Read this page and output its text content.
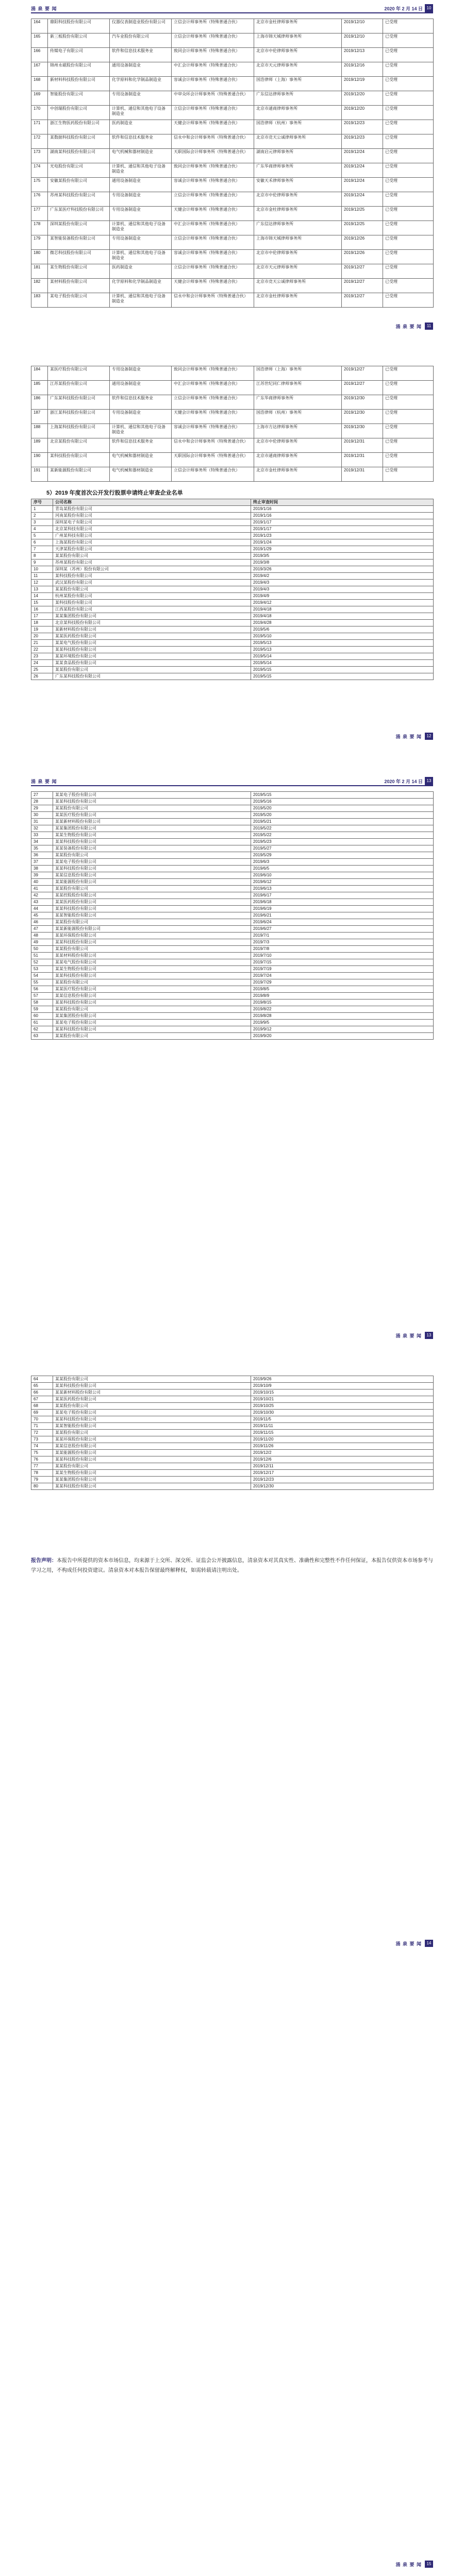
涌 泉 要 闻	2020 年 2 月 14 日 10
164	鼎阳科技股份有限公司	仪器仪表制造业股份有限公司	立信会计师事务所（特殊普通合伙）	北京市金杜律师事务所	2019/12/10	已受理
165	新三板股份有限公司	汽车业股份有限公司	立信会计师事务所（特殊普通合伙）	上海市锦天城律师事务所	2019/12/10	已受理
166	传媒电子有限公司	软件和信息技术服务业	致同会计师事务所（特殊普通合伙）	北京市中伦律师事务所	2019/12/13	已受理
167	锦州永磁股份有限公司	通用设备制造业	中汇会计师事务所（特殊普通合伙）	北京市天元律师事务所	2019/12/16	已受理
168	新材料科技股份有限公司	化学原料和化学制品制造业	容诚会计师事务所（特殊普通合伙）	国浩律师（上海）事务所	2019/12/19	已受理
169	智能股份有限公司	专用设备制造业	中审众环会计师事务所（特殊普通合伙）	广东信达律师事务所	2019/12/20	已受理
170	中创瑞股份有限公司	计算机、通信和其他电子设备制造业	立信会计师事务所（特殊普通合伙）	北京市通商律师事务所	2019/12/20	已受理
171	浙江生物医药股份有限公司	医药制造业	天健会计师事务所（特殊普通合伙）	国浩律师（杭州）事务所	2019/12/23	已受理
172	某数据科技股份有限公司	软件和信息技术服务业	信永中和会计师事务所（特殊普通合伙）	北京市竞天公诚律师事务所	2019/12/23	已受理
173	湖南某科技股份有限公司	电气机械和器材制造业	天职国际会计师事务所（特殊普通合伙）	湖南启元律师事务所	2019/12/24	已受理
174	光电股份有限公司	计算机、通信和其他电子设备制造业	致同会计师事务所（特殊普通合伙）	广东华商律师事务所	2019/12/24	已受理
175	安徽某股份有限公司	通用设备制造业	容诚会计师事务所（特殊普通合伙）	安徽天禾律师事务所	2019/12/24	已受理
176	苏州某科技股份有限公司	专用设备制造业	立信会计师事务所（特殊普通合伙）	北京市中伦律师事务所	2019/12/24	已受理
177	广东某医疗科技股份有限公司	专用设备制造业	天健会计师事务所（特殊普通合伙）	北京市金杜律师事务所	2019/12/25	已受理
178	深圳某股份有限公司	计算机、通信和其他电子设备制造业	中汇会计师事务所（特殊普通合伙）	广东信达律师事务所	2019/12/25	已受理
179	某智能装备股份有限公司	专用设备制造业	立信会计师事务所（特殊普通合伙）	上海市锦天城律师事务所	2019/12/26	已受理
180	微芯科技股份有限公司	计算机、通信和其他电子设备制造业	容诚会计师事务所（特殊普通合伙）	北京市中伦律师事务所	2019/12/26	已受理
181	某生物股份有限公司	医药制造业	立信会计师事务所（特殊普通合伙）	北京市天元律师事务所	2019/12/27	已受理
182	某材料股份有限公司	化学原料和化学制品制造业	天健会计师事务所（特殊普通合伙）	北京市竞天公诚律师事务所	2019/12/27	已受理
183	某电子股份有限公司	计算机、通信和其他电子设备制造业	信永中和会计师事务所（特殊普通合伙）	北京市金杜律师事务所	2019/12/27	已受理
涌 泉 要 闻	11
184	某医疗股份有限公司	专用设备制造业	致同会计师事务所（特殊普通合伙）	国浩律师（上海）事务所	2019/12/27	已受理
185	江苏某股份有限公司	通用设备制造业	中汇会计师事务所（特殊普通合伙）	江苏世纪同仁律师事务所	2019/12/27	已受理
186	广东某科技股份有限公司	软件和信息技术服务业	立信会计师事务所（特殊普通合伙）	广东华商律师事务所	2019/12/30	已受理
187	浙江某科技股份有限公司	专用设备制造业	天健会计师事务所（特殊普通合伙）	国浩律师（杭州）事务所	2019/12/30	已受理
188	上海某科技股份有限公司	计算机、通信和其他电子设备制造业	容诚会计师事务所（特殊普通合伙）	上海市方达律师事务所	2019/12/30	已受理
189	北京某股份有限公司	软件和信息技术服务业	信永中和会计师事务所（特殊普通合伙）	北京市中伦律师事务所	2019/12/31	已受理
190	某科技股份有限公司	电气机械和器材制造业	天职国际会计师事务所（特殊普通合伙）	北京市通商律师事务所	2019/12/31	已受理
191	某新能源股份有限公司	电气机械和器材制造业	立信会计师事务所（特殊普通合伙）	北京市金杜律师事务所	2019/12/31	已受理
5）2019 年度首次公开发行股票申请终止审查企业名单
序号	公司名称	终止审查时间
1	青岛某股份有限公司	2019/1/16
2	河南某股份有限公司	2019/1/16
3	深圳某电子有限公司	2019/1/17
4	北京某科技有限公司	2019/1/17
5	广州某科技有限公司	2019/1/23
6	上海某股份有限公司	2019/1/24
7	天津某股份有限公司	2019/1/29
8	某某股份有限公司	2019/3/5
9	苏州某股份有限公司	2019/3/8
10	深圳某（苏州）股份有限公司	2019/3/26
11	某科技股份有限公司	2019/4/2
12	武汉某股份有限公司	2019/4/3
13	某某股份有限公司	2019/4/3
14	杭州某股份有限公司	2019/4/9
15	某科技股份有限公司	2019/4/12
16	江西某股份有限公司	2019/4/18
17	某某集团股份有限公司	2019/4/18
18	北京某科技股份有限公司	2019/4/28
19	某新材料股份有限公司	2019/5/6
20	某某医药股份有限公司	2019/5/10
21	某某电气股份有限公司	2019/5/13
22	某某科技股份有限公司	2019/5/13
23	某某环境股份有限公司	2019/5/14
24	某某食品股份有限公司	2019/5/14
25	某某股份有限公司	2019/5/15
26	广东某科技股份有限公司	2019/5/15
涌 泉 要 闻	12
涌 泉 要 闻	2020 年 2 月 14 日 13
27	某某电子股份有限公司	2019/5/15
28	某某科技股份有限公司	2019/5/16
29	某某股份有限公司	2019/5/20
30	某某医疗股份有限公司	2019/5/20
31	某某新材料股份有限公司	2019/5/21
32	某某集团股份有限公司	2019/5/22
33	某某生物股份有限公司	2019/5/22
34	某某科技股份有限公司	2019/5/23
35	某某装备股份有限公司	2019/5/27
36	某某股份有限公司	2019/5/29
37	某某电子股份有限公司	2019/6/3
38	某某科技股份有限公司	2019/6/5
39	某某信息股份有限公司	2019/6/10
40	某某能源股份有限公司	2019/6/12
41	某某股份有限公司	2019/6/13
42	某某控股股份有限公司	2019/6/17
43	某某医药股份有限公司	2019/6/18
44	某某科技股份有限公司	2019/6/19
45	某某智能股份有限公司	2019/6/21
46	某某股份有限公司	2019/6/24
47	某某新能源股份有限公司	2019/6/27
48	某某环保股份有限公司	2019/7/1
49	某某科技股份有限公司	2019/7/3
50	某某股份有限公司	2019/7/8
51	某某材料股份有限公司	2019/7/10
52	某某电气股份有限公司	2019/7/15
53	某某生物股份有限公司	2019/7/19
54	某某科技股份有限公司	2019/7/24
55	某某股份有限公司	2019/7/29
56	某某医疗股份有限公司	2019/8/5
57	某某信息股份有限公司	2019/8/9
58	某某科技股份有限公司	2019/8/15
59	某某股份有限公司	2019/8/22
60	某某集团股份有限公司	2019/8/28
61	某某电子股份有限公司	2019/9/5
62	某某科技股份有限公司	2019/9/12
63	某某股份有限公司	2019/9/20
涌 泉 要 闻	13
64	某某股份有限公司	2019/9/26
65	某某科技股份有限公司	2019/10/9
66	某某新材料股份有限公司	2019/10/15
67	某某医药股份有限公司	2019/10/21
68	某某股份有限公司	2019/10/25
69	某某电子股份有限公司	2019/10/30
70	某某科技股份有限公司	2019/11/5
71	某某智能股份有限公司	2019/11/11
72	某某股份有限公司	2019/11/15
73	某某环保股份有限公司	2019/11/20
74	某某信息股份有限公司	2019/11/26
75	某某能源股份有限公司	2019/12/2
76	某某科技股份有限公司	2019/12/6
77	某某股份有限公司	2019/12/11
78	某某生物股份有限公司	2019/12/17
79	某某集团股份有限公司	2019/12/23
80	某某科技股份有限公司	2019/12/30
报告声明：本报告中所提供的资本市场信息，均来源于上交所、深交所、证监会公开披露信息，清泉资本对其真实性、准确性和完整性不作任何保证，本报告仅供资本市场参考与学习之用，不构成任何投资建议。清泉资本对本报告保留最终解释权，如需转载请注明出处。
涌 泉 要 闻	14
涌 泉 要 闻	15
